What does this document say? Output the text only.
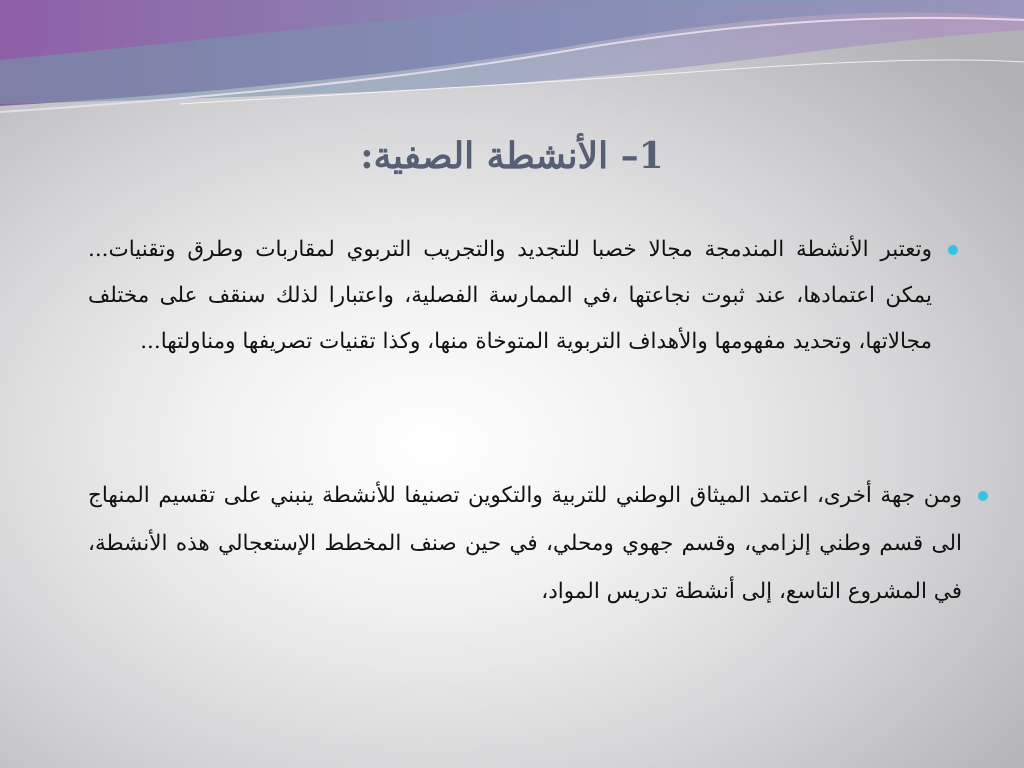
1– الأنشطة الصفية:
وتعتبر الأنشطة المندمجة مجالا خصبا للتجديد والتجريب التربوي لمقاربات وطرق وتقنيات... يمكن اعتمادها، عند ثبوت نجاعتها ،في الممارسة الفصلية، واعتبارا لذلك سنقف على مختلف مجالاتها، وتحديد مفهومها والأهداف التربوية المتوخاة منها، وكذا تقنيات تصريفها ومناولتها...
ومن جهة أخرى، اعتمد الميثاق الوطني للتربية والتكوين تصنيفا للأنشطة ينبني على تقسيم المنهاج الى قسم وطني إلزامي، وقسم جهوي ومحلي، في حين صنف المخطط الإستعجالي هذه الأنشطة، في المشروع التاسع، إلى أنشطة تدريس المواد،
